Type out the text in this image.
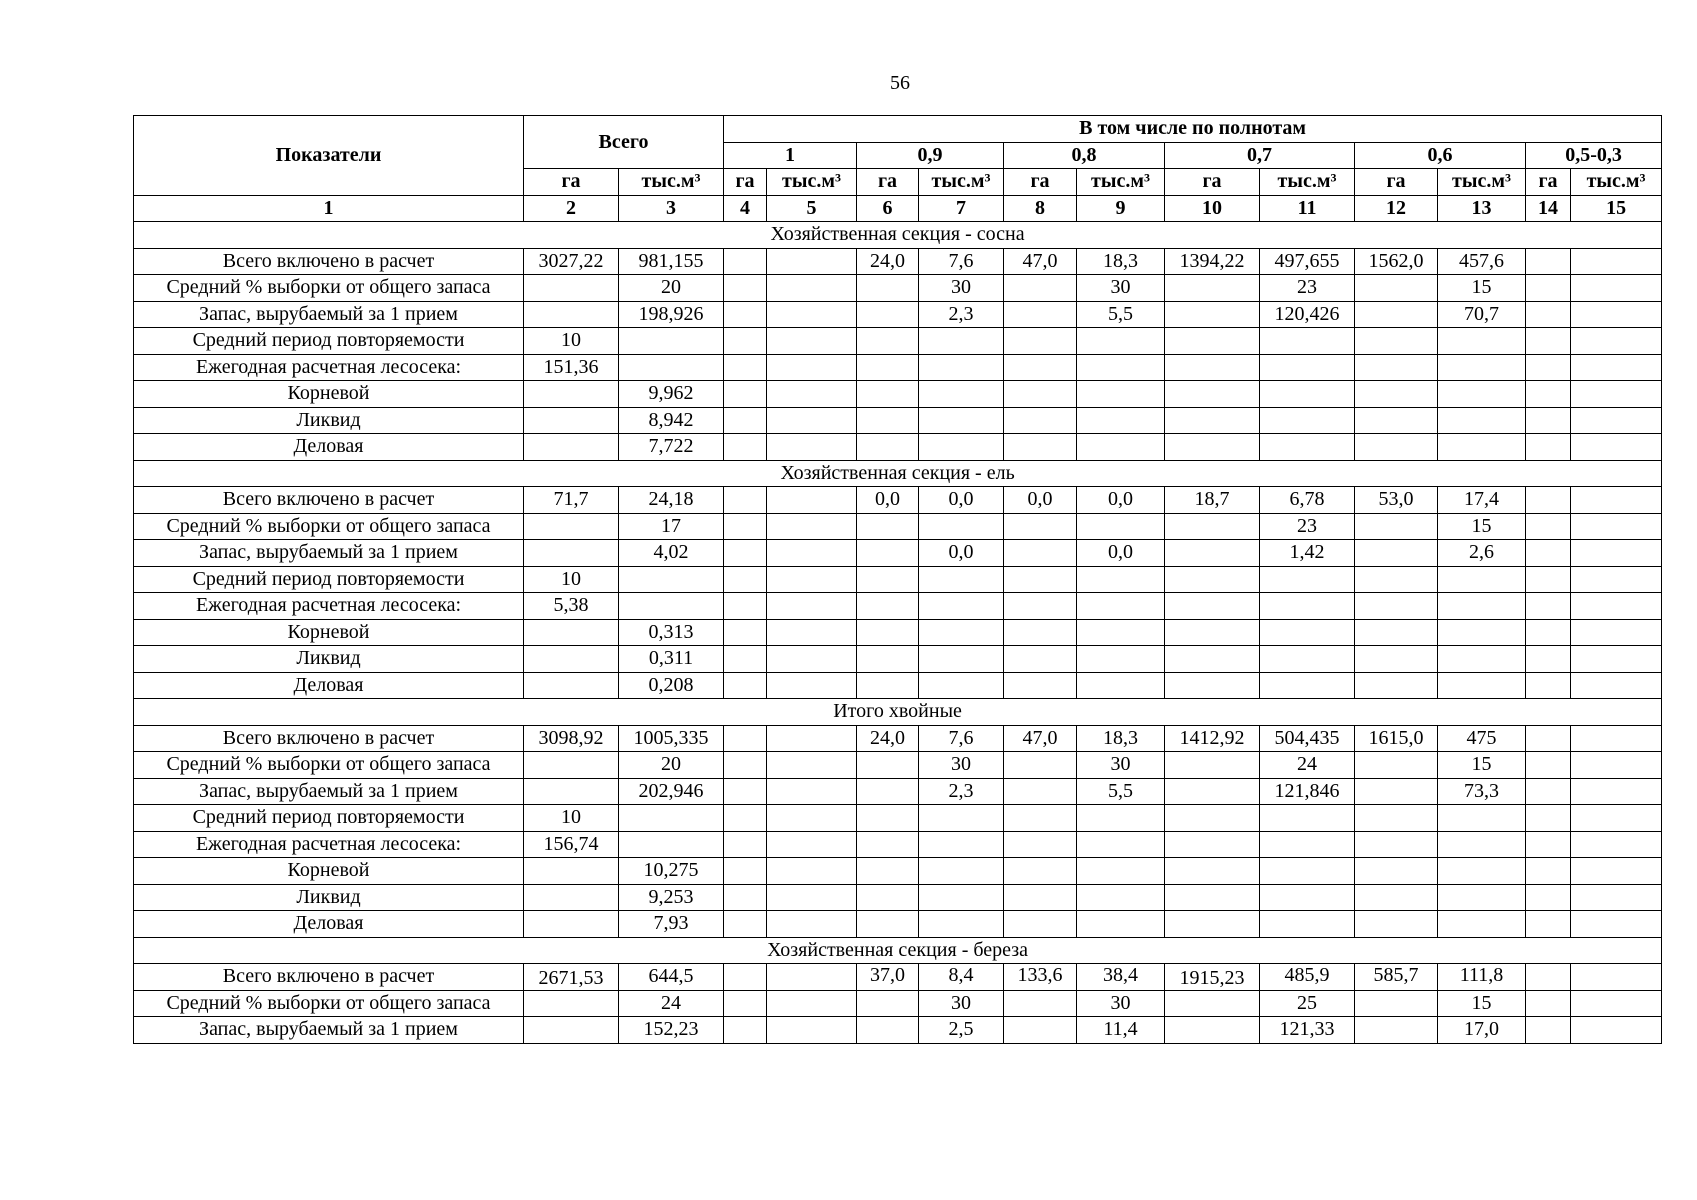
56
Показатели	Всего		В том числе по полнотам											
			1		0,9		0,8		0,7		0,6		0,5-0,3	
	га	тыс.м³	га	тыс.м³	га	тыс.м³	га	тыс.м³	га	тыс.м³	га	тыс.м³	га	тыс.м³
1	2	3	4	5	6	7	8	9	10	11	12	13	14	15
Хозяйственная секция - сосна														
Всего включено в расчет	3027,22	981,155			24,0	7,6	47,0	18,3	1394,22	497,655	1562,0	457,6		
Средний % выборки от общего запаса		20				30		30		23		15		
Запас, вырубаемый за 1 прием		198,926				2,3		5,5		120,426		70,7		
Средний период повторяемости	10													
Ежегодная расчетная лесосека:	151,36													
Корневой		9,962												
Ликвид		8,942												
Деловая		7,722												
Хозяйственная секция - ель														
Всего включено в расчет	71,7	24,18			0,0	0,0	0,0	0,0	18,7	6,78	53,0	17,4		
Средний % выборки от общего запаса		17								23		15		
Запас, вырубаемый за 1 прием		4,02				0,0		0,0		1,42		2,6		
Средний период повторяемости	10													
Ежегодная расчетная лесосека:	5,38													
Корневой		0,313												
Ликвид		0,311												
Деловая		0,208												
Итого хвойные														
Всего включено в расчет	3098,92	1005,335			24,0	7,6	47,0	18,3	1412,92	504,435	1615,0	475		
Средний % выборки от общего запаса		20				30		30		24		15		
Запас, вырубаемый за 1 прием		202,946				2,3		5,5		121,846		73,3		
Средний период повторяемости	10													
Ежегодная расчетная лесосека:	156,74													
Корневой		10,275												
Ликвид		9,253												
Деловая		7,93												
Хозяйственная секция - береза														
Всего включено в расчет	2671,53	644,5			37,0	8,4	133,6	38,4	1915,23	485,9	585,7	111,8		
Средний % выборки от общего запаса		24				30		30		25		15		
Запас, вырубаемый за 1 прием		152,23				2,5		11,4		121,33		17,0		
